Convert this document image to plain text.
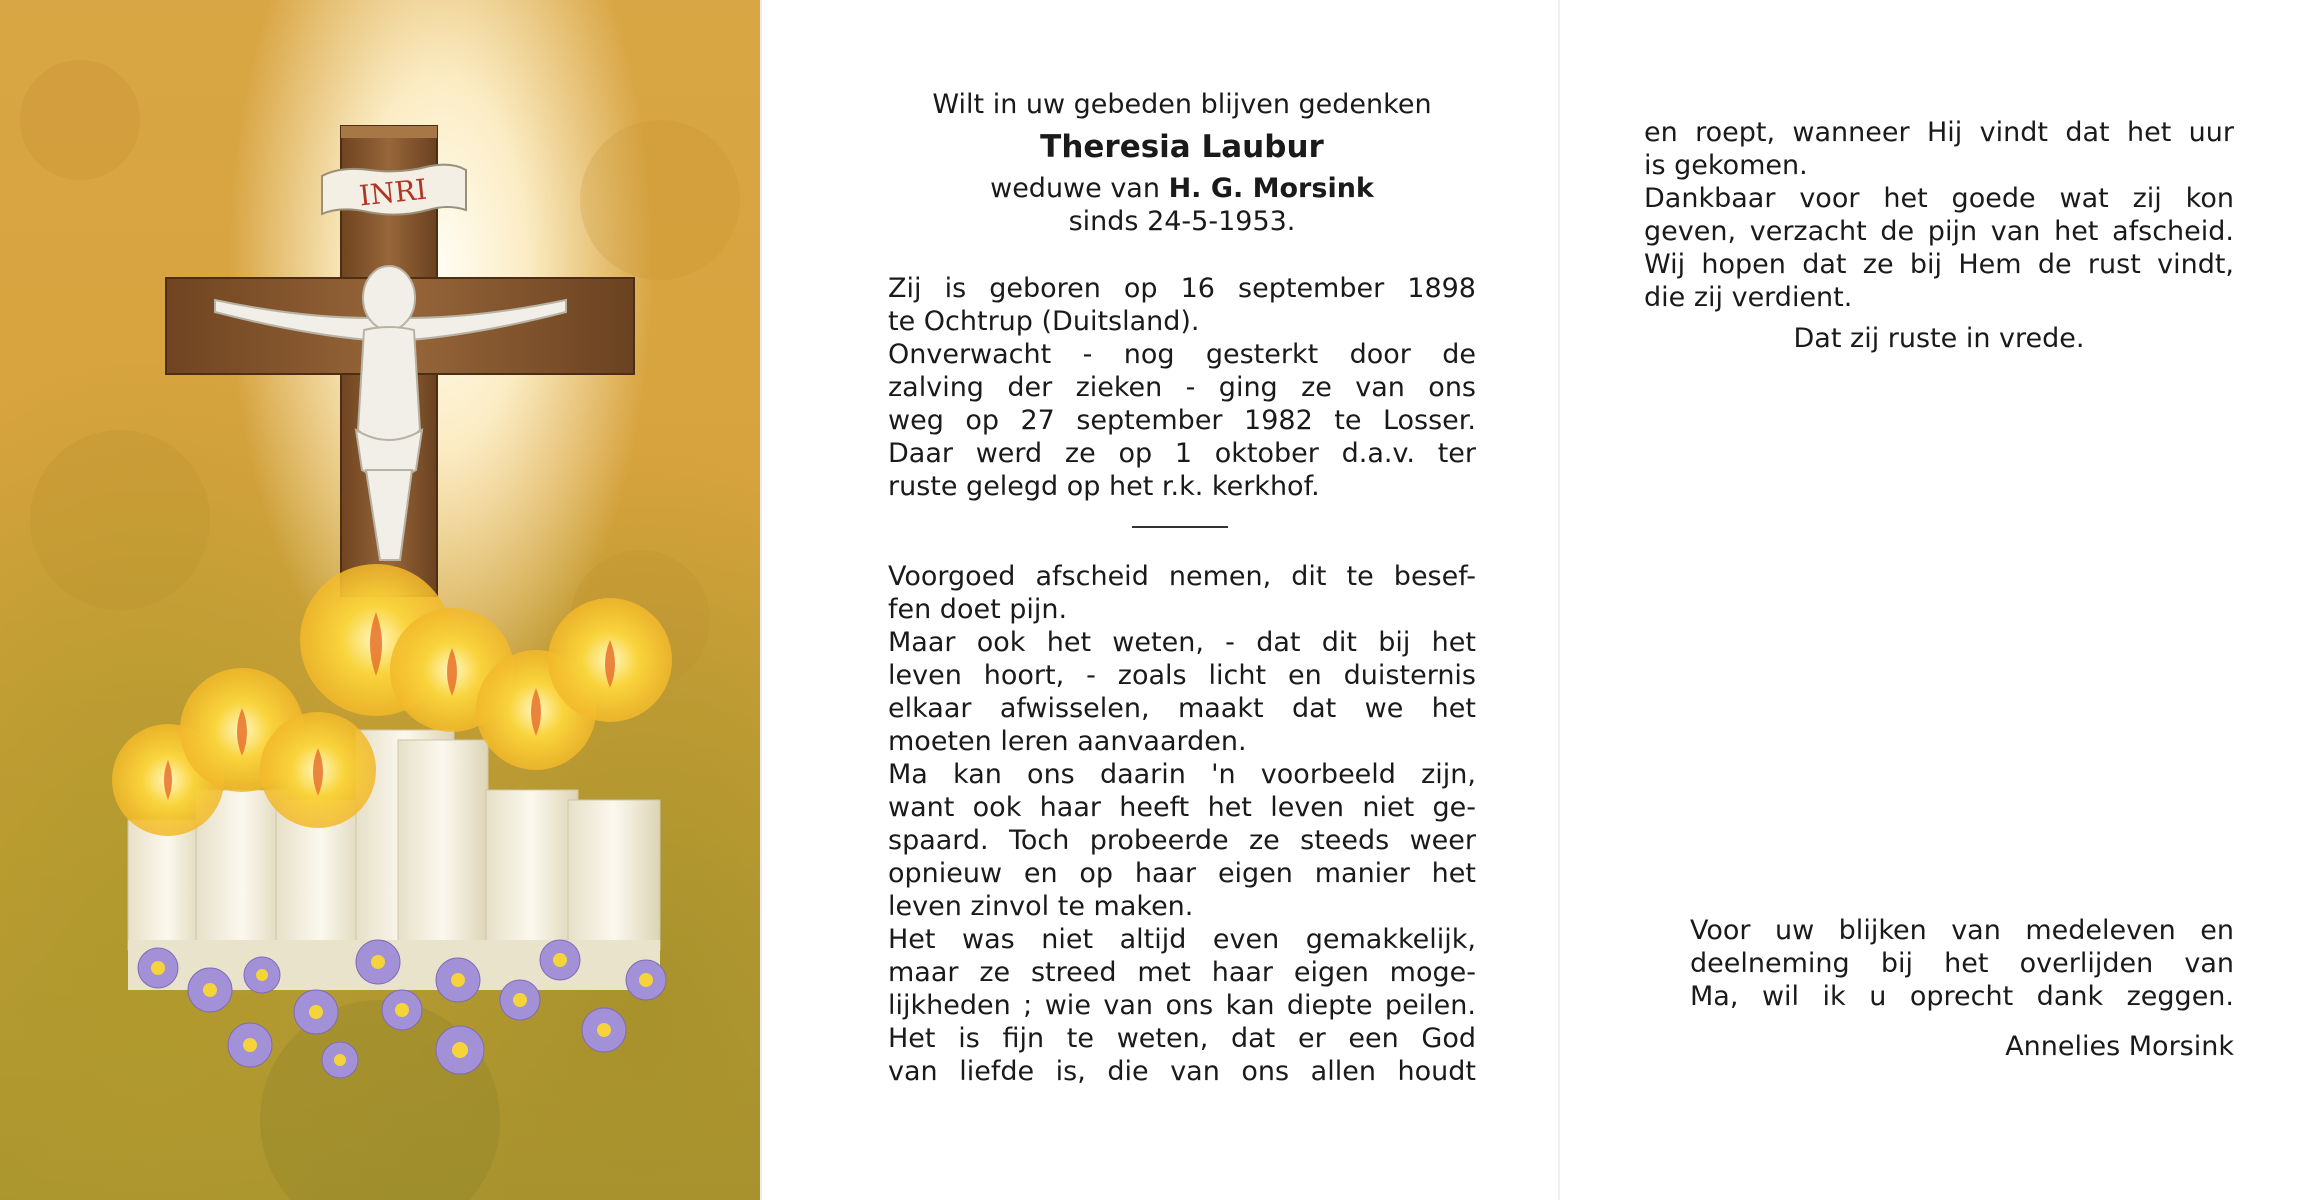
INRI
Wilt in uw gebeden blijven gedenken
Theresia Laubur
weduwe van H. G. Morsink
sinds 24-5-1953.
Zij is geboren op 16 september 1898
te Ochtrup (Duitsland).
Onverwacht - nog gesterkt door de
zalving der zieken - ging ze van ons
weg op 27 september 1982 te Losser.
Daar werd ze op 1 oktober d.a.v. ter
ruste gelegd op het r.k. kerkhof.
Voorgoed afscheid nemen, dit te besef-
fen doet pijn.
Maar ook het weten, - dat dit bij het
leven hoort, - zoals licht en duisternis
elkaar afwisselen, maakt dat we het
moeten leren aanvaarden.
Ma kan ons daarin 'n voorbeeld zijn,
want ook haar heeft het leven niet ge-
spaard. Toch probeerde ze steeds weer
opnieuw en op haar eigen manier het
leven zinvol te maken.
Het was niet altijd even gemakkelijk,
maar ze streed met haar eigen moge-
lijkheden ; wie van ons kan diepte peilen.
Het is fijn te weten, dat er een God
van liefde is, die van ons allen houdt
en roept, wanneer Hij vindt dat het uur
is gekomen.
Dankbaar voor het goede wat zij kon
geven, verzacht de pijn van het afscheid.
Wij hopen dat ze bij Hem de rust vindt,
die zij verdient.
Dat zij ruste in vrede.
Voor uw blijken van medeleven en
deelneming bij het overlijden van
Ma, wil ik u oprecht dank zeggen.
Annelies Morsink
